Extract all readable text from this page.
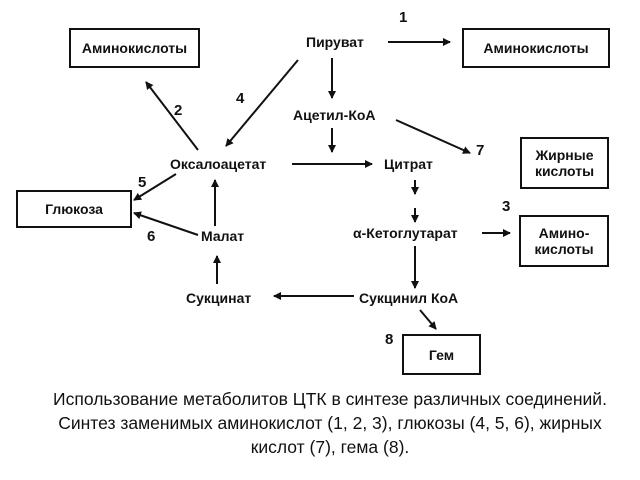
Аминокислоты	Аминокислоты
Жирные
кислоты
Глюкоза
Амино-
кислоты
Гем
Пируват
Ацетил-КоА
Оксалоацетат	Цитрат
Малат	α-Кетоглутарат
Сукцинат	Сукцинил КоА
1
2
3
4
5
6
7
8
Использование метаболитов ЦТК в синтезе различных соединений. Синтез заменимых аминокислот (1, 2, 3), глюкозы (4, 5, 6), жирных кислот (7), гема (8).
